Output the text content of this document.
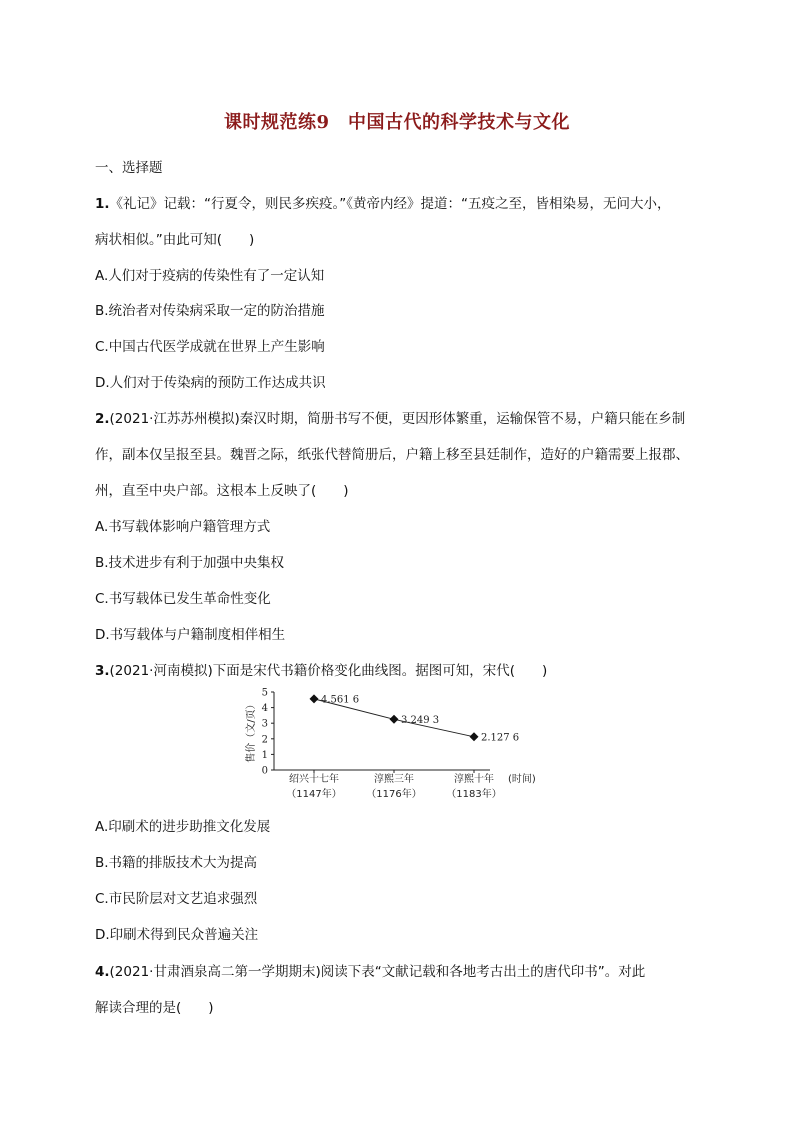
课时规范练9　中国古代的科学技术与文化
一、选择题
1.《礼记》记载：“行夏令，则民多疾疫。”《黄帝内经》提道：“五疫之至，皆相染易，无问大小，
病状相似。”由此可知(　　)
A.人们对于疫病的传染性有了一定认知
B.统治者对传染病采取一定的防治措施
C.中国古代医学成就在世界上产生影响
D.人们对于传染病的预防工作达成共识
2.(2021·江苏苏州模拟)秦汉时期，简册书写不便，更因形体繁重，运输保管不易，户籍只能在乡制
作，副本仅呈报至县。魏晋之际，纸张代替简册后，户籍上移至县廷制作，造好的户籍需要上报郡、
州，直至中央户部。这根本上反映了(　　)
A.书写载体影响户籍管理方式
B.技术进步有利于加强中央集权
C.书写载体已发生革命性变化
D.书写载体与户籍制度相伴相生
3.(2021·河南模拟)下面是宋代书籍价格变化曲线图。据图可知，宋代(　　)
售价（文/页）
(时间)
0
1
2
3
4
5
绍兴十七年
（1147年）
淳熙三年
（1176年）
淳熙十年
（1183年）
4.561 6
3.249 3
2.127 6
A.印刷术的进步助推文化发展
B.书籍的排版技术大为提高
C.市民阶层对文艺追求强烈
D.印刷术得到民众普遍关注
4.(2021·甘肃酒泉高二第一学期期末)阅读下表“文献记载和各地考古出土的唐代印书”。对此
解读合理的是(　　)
